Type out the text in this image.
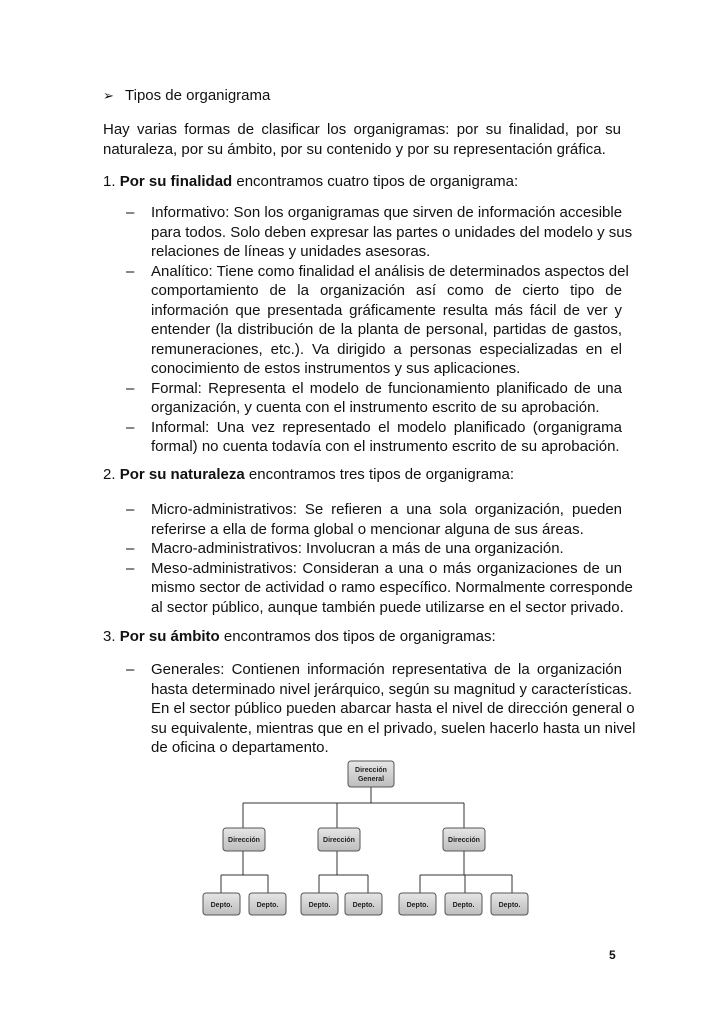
➢ Tipos de organigrama
Hay varias formas de clasificar los organigramas: por su finalidad, por su
naturaleza, por su ámbito, por su contenido y por su representación gráfica.
1. Por su finalidad encontramos cuatro tipos de organigrama:
– Informativo: Son los organigramas que sirven de información accesible
para todos. Solo deben expresar las partes o unidades del modelo y sus
relaciones de líneas y unidades asesoras.
– Analítico: Tiene como finalidad el análisis de determinados aspectos del
comportamiento de la organización así como de cierto tipo de
información que presentada gráficamente resulta más fácil de ver y
entender (la distribución de la planta de personal, partidas de gastos,
remuneraciones, etc.). Va dirigido a personas especializadas en el
conocimiento de estos instrumentos y sus aplicaciones.
– Formal: Representa el modelo de funcionamiento planificado de una
organización, y cuenta con el instrumento escrito de su aprobación.
– Informal: Una vez representado el modelo planificado (organigrama
formal) no cuenta todavía con el instrumento escrito de su aprobación.
2. Por su naturaleza encontramos tres tipos de organigrama:
– Micro-administrativos: Se refieren a una sola organización, pueden
referirse a ella de forma global o mencionar alguna de sus áreas.
– Macro-administrativos: Involucran a más de una organización.
– Meso-administrativos: Consideran a una o más organizaciones de un
mismo sector de actividad o ramo específico. Normalmente corresponde
al sector público, aunque también puede utilizarse en el sector privado.
3. Por su ámbito encontramos dos tipos de organigramas:
– Generales: Contienen información representativa de la organización
hasta determinado nivel jerárquico, según su magnitud y características.
En el sector público pueden abarcar hasta el nivel de dirección general o
su equivalente, mientras que en el privado, suelen hacerlo hasta un nivel
de oficina o departamento.
Dirección
General
Dirección	Dirección	Dirección
Depto.	Depto.	Depto.	Depto.	Depto.	Depto.	Depto.
5
